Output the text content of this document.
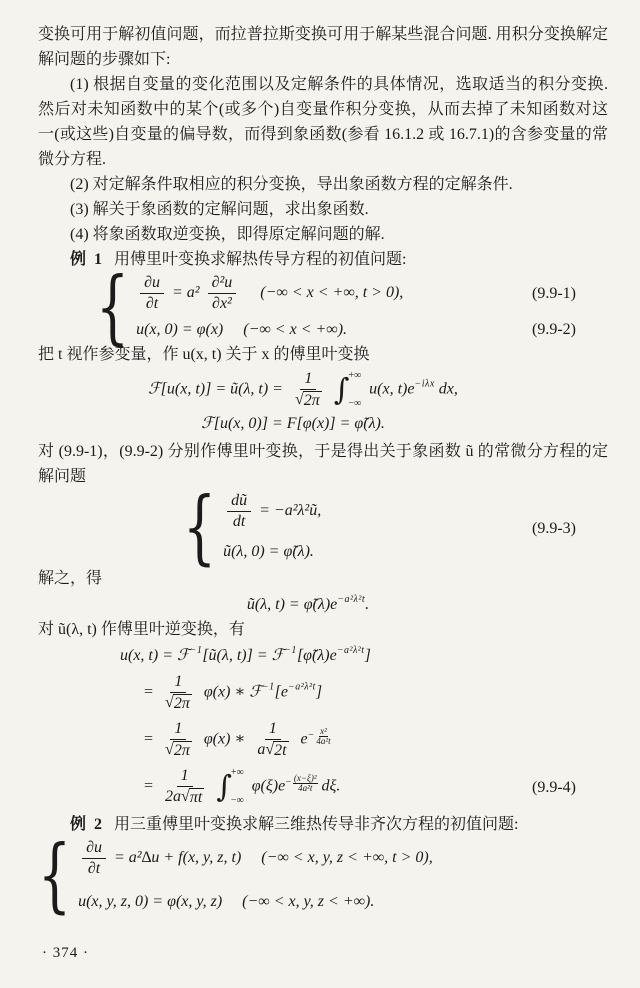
变换可用于解初值问题，而拉普拉斯变换可用于解某些混合问题. 用积分变换解定解问题的步骤如下:

(1) 根据自变量的变化范围以及定解条件的具体情况，选取适当的积分变换. 然后对未知函数中的某个(或多个)自变量作积分变换，从而去掉了未知函数对这一(或这些)自变量的偏导数，而得到象函数(参看 16.1.2 或 16.7.1)的含参变量的常微分方程.

(2) 对定解条件取相应的积分变换，导出象函数方程的定解条件.

(3) 解关于象函数的定解问题，求出象函数.

(4) 将象函数取逆变换，即得原定解问题的解.

例 1 用傅里叶变换求解热传导方程的初值问题:

{ $\frac{\partial u}{\partial t} = a^2 \frac{\text{∂²u}}{\text{∂x²}}$ (−∞ < x < +∞, t > 0),	(9.9-1)
u(x, 0) = φ(x) (−∞ < x < +∞).	(9.9-2)

把 t 视作参变量，作 u(x, t) 关于 x 的傅里叶变换

ℱ[u(x, t)] = ũ(λ, $t) = \frac{1}{√ 2\pi}$ ∫ +∞
−∞
u(x, $t)e^{-i\lambda x}$ dx,
ℱ[u(x, 0)] = F[φ(x)] = φ̃(λ).

对 (9.9-1)，(9.9-2) 分别作傅里叶变换，于是得出关于象函数 ũ 的常微分方程的定解问题

{ $\frac{dũ}{dt}$ = −a²λ²ũ,
ũ(λ, 0) = φ̃(λ).
(9.9-3)

解之，得

ũ(λ, $t) = \varphĩ(\lambda)e^{-a^2\lambda^2t}$.

对 ũ(λ, t) 作傅里叶逆变换，有

u(x, t) = ℱ$^{-1}$[ũ(λ, $t)] = ℱ^{-1}[\varphĩ(\lambda)e^{-a^2\lambda^2t}]$
= $\frac{1}{√ 2\pi} \varphi(x)$ ∗ $ℱ^{-1}[e^{-a^2\lambda^2t}]$
= $\frac{1}{√ 2\pi} \varphi(x)$ ∗ $\frac{1}{a √ 2t} e^{- \frac{\text{x²}}{\text{4a²t}}}$
= $\frac{1}{2a √ \pi t}$ ∫ +∞
−∞
$\varphi(\xi)e^{- \frac{\text{(x−ξ)²}}{\text{4a²t}}}$ dξ.	(9.9-4)

例 2 用三重傅里叶变换求解三维热传导非齐次方程的初值问题:

{ $\frac{\partial u}{\partial t} = a^2\Delta u + f(x$, y, z, t) (−∞ < x, y, z < +∞, t > 0),
u(x, y, z, 0) = φ(x, y, z) (−∞ < x, y, z < +∞).
· 374 ·
